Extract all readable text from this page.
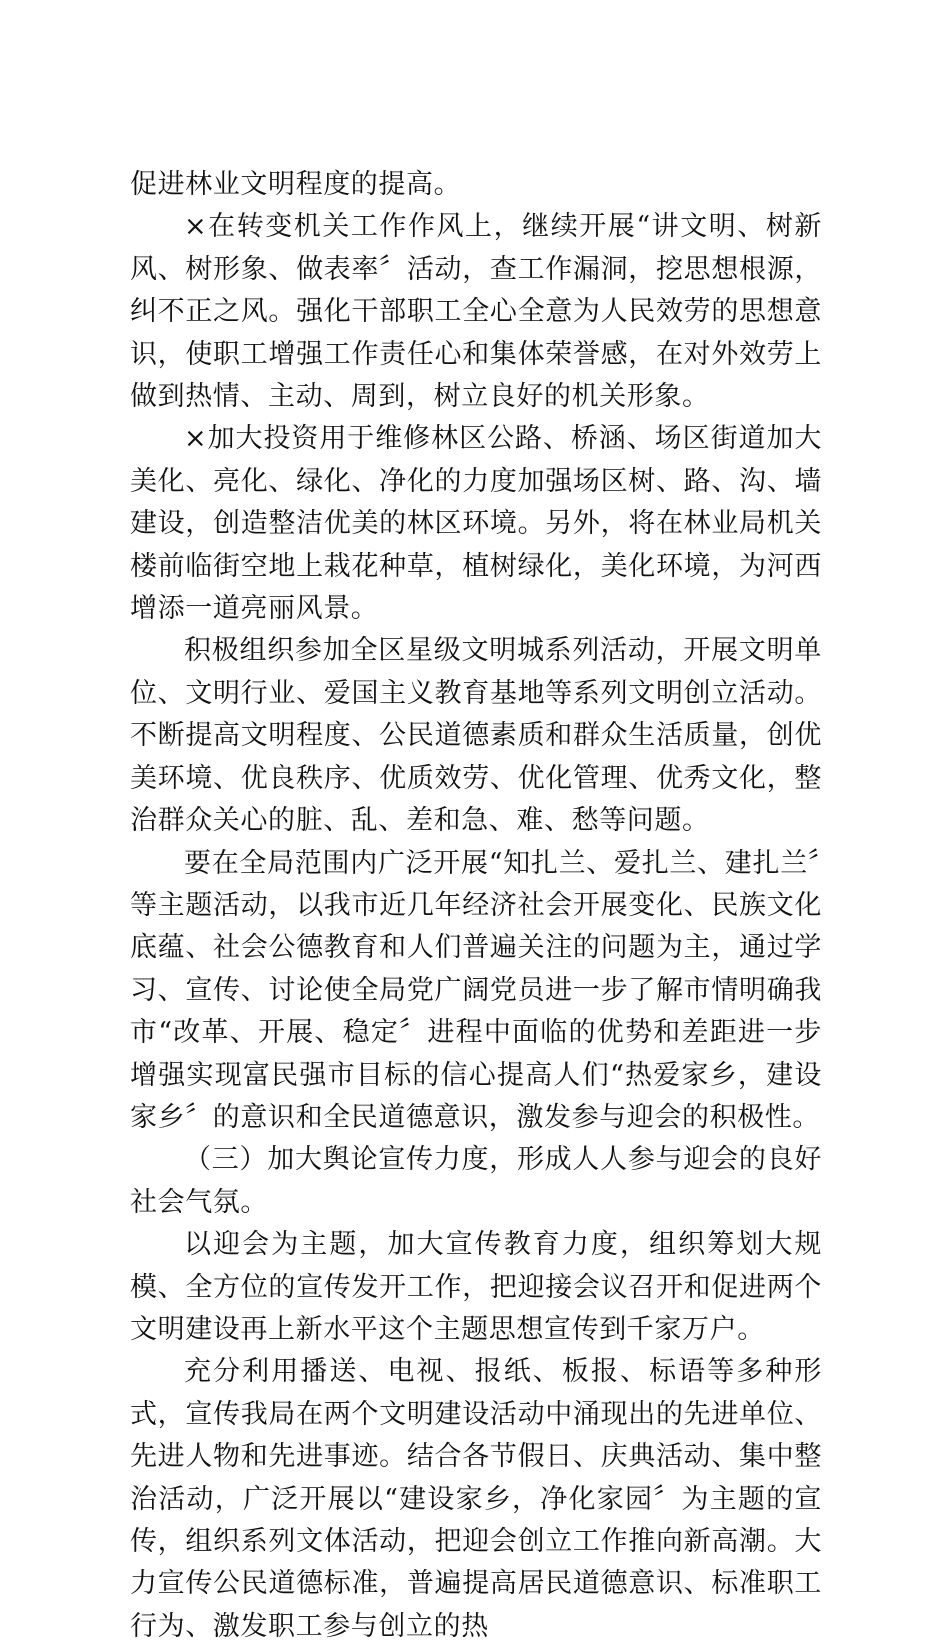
促进林业文明程度的提高。

×在转变机关工作作风上，继续开展“讲文明、树新风、树形象、做表率〞活动，查工作漏洞，挖思想根源，纠不正之风。强化干部职工全心全意为人民效劳的思想意识，使职工增强工作责任心和集体荣誉感，在对外效劳上做到热情、主动、周到，树立良好的机关形象。

×加大投资用于维修林区公路、桥涵、场区街道加大美化、亮化、绿化、净化的力度加强场区树、路、沟、墙建设，创造整洁优美的林区环境。另外，将在林业局机关楼前临街空地上栽花种草，植树绿化，美化环境，为河西增添一道亮丽风景。

积极组织参加全区星级文明城系列活动，开展文明单位、文明行业、爱国主义教育基地等系列文明创立活动。不断提高文明程度、公民道德素质和群众生活质量，创优美环境、优良秩序、优质效劳、优化管理、优秀文化，整治群众关心的脏、乱、差和急、难、愁等问题。

要在全局范围内广泛开展“知扎兰、爱扎兰、建扎兰〞等主题活动，以我市近几年经济社会开展变化、民族文化底蕴、社会公德教育和人们普遍关注的问题为主，通过学习、宣传、讨论使全局党广阔党员进一步了解市情明确我市“改革、开展、稳定〞进程中面临的优势和差距进一步增强实现富民强市目标的信心提高人们“热爱家乡，建设家乡〞的意识和全民道德意识，激发参与迎会的积极性。

（三）加大舆论宣传力度，形成人人参与迎会的良好社会气氛。

以迎会为主题，加大宣传教育力度，组织筹划大规模、全方位的宣传发开工作，把迎接会议召开和促进两个文明建设再上新水平这个主题思想宣传到千家万户。

充分利用播送、电视、报纸、板报、标语等多种形式，宣传我局在两个文明建设活动中涌现出的先进单位、先进人物和先进事迹。结合各节假日、庆典活动、集中整治活动，广泛开展以“建设家乡，净化家园〞为主题的宣传，组织系列文体活动，把迎会创立工作推向新高潮。大力宣传公民道德标准，普遍提高居民道德意识、标准职工行为、激发职工参与创立的热
